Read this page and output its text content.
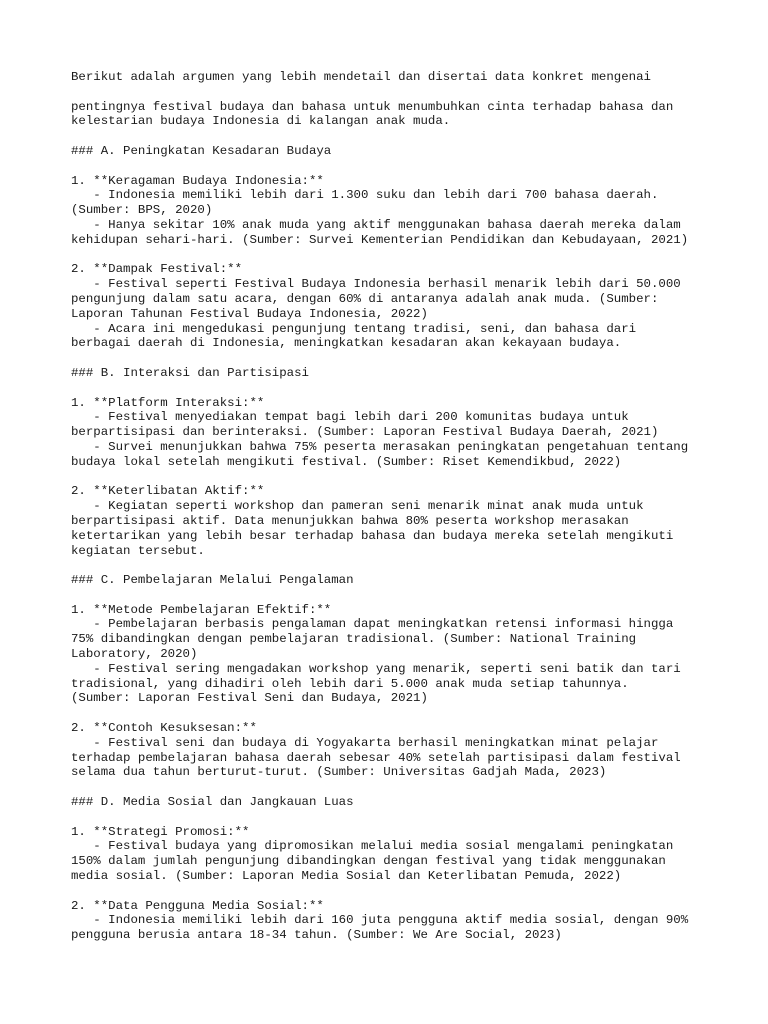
Berikut adalah argumen yang lebih mendetail dan disertai data konkret mengenai
pentingnya festival budaya dan bahasa untuk menumbuhkan cinta terhadap bahasa dan
kelestarian budaya Indonesia di kalangan anak muda.
### A. Peningkatan Kesadaran Budaya
1. **Keragaman Budaya Indonesia:**
- Indonesia memiliki lebih dari 1.300 suku dan lebih dari 700 bahasa daerah.
(Sumber: BPS, 2020)
- Hanya sekitar 10% anak muda yang aktif menggunakan bahasa daerah mereka dalam
kehidupan sehari-hari. (Sumber: Survei Kementerian Pendidikan dan Kebudayaan, 2021)
2. **Dampak Festival:**
- Festival seperti Festival Budaya Indonesia berhasil menarik lebih dari 50.000
pengunjung dalam satu acara, dengan 60% di antaranya adalah anak muda. (Sumber:
Laporan Tahunan Festival Budaya Indonesia, 2022)
- Acara ini mengedukasi pengunjung tentang tradisi, seni, dan bahasa dari
berbagai daerah di Indonesia, meningkatkan kesadaran akan kekayaan budaya.
### B. Interaksi dan Partisipasi
1. **Platform Interaksi:**
- Festival menyediakan tempat bagi lebih dari 200 komunitas budaya untuk
berpartisipasi dan berinteraksi. (Sumber: Laporan Festival Budaya Daerah, 2021)
- Survei menunjukkan bahwa 75% peserta merasakan peningkatan pengetahuan tentang
budaya lokal setelah mengikuti festival. (Sumber: Riset Kemendikbud, 2022)
2. **Keterlibatan Aktif:**
- Kegiatan seperti workshop dan pameran seni menarik minat anak muda untuk
berpartisipasi aktif. Data menunjukkan bahwa 80% peserta workshop merasakan
ketertarikan yang lebih besar terhadap bahasa dan budaya mereka setelah mengikuti
kegiatan tersebut.
### C. Pembelajaran Melalui Pengalaman
1. **Metode Pembelajaran Efektif:**
- Pembelajaran berbasis pengalaman dapat meningkatkan retensi informasi hingga
75% dibandingkan dengan pembelajaran tradisional. (Sumber: National Training
Laboratory, 2020)
- Festival sering mengadakan workshop yang menarik, seperti seni batik dan tari
tradisional, yang dihadiri oleh lebih dari 5.000 anak muda setiap tahunnya.
(Sumber: Laporan Festival Seni dan Budaya, 2021)
2. **Contoh Kesuksesan:**
- Festival seni dan budaya di Yogyakarta berhasil meningkatkan minat pelajar
terhadap pembelajaran bahasa daerah sebesar 40% setelah partisipasi dalam festival
selama dua tahun berturut-turut. (Sumber: Universitas Gadjah Mada, 2023)
### D. Media Sosial dan Jangkauan Luas
1. **Strategi Promosi:**
- Festival budaya yang dipromosikan melalui media sosial mengalami peningkatan
150% dalam jumlah pengunjung dibandingkan dengan festival yang tidak menggunakan
media sosial. (Sumber: Laporan Media Sosial dan Keterlibatan Pemuda, 2022)
2. **Data Pengguna Media Sosial:**
- Indonesia memiliki lebih dari 160 juta pengguna aktif media sosial, dengan 90%
pengguna berusia antara 18-34 tahun. (Sumber: We Are Social, 2023)
